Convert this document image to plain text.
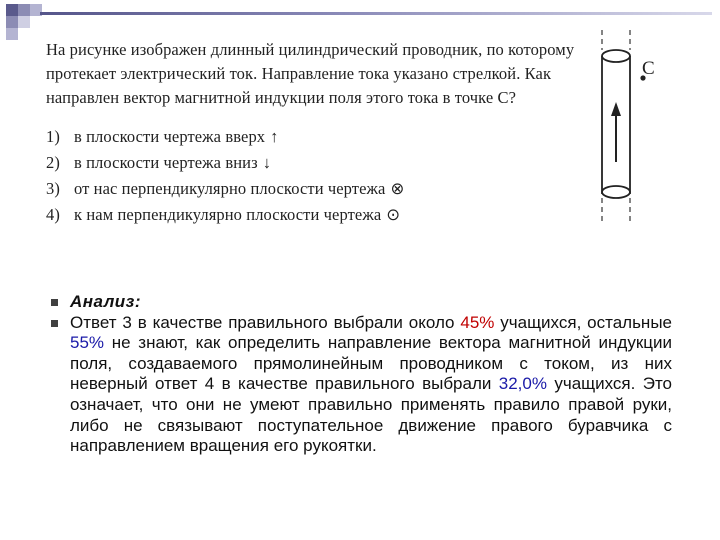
На рисунке изображен длинный цилиндрический проводник, по которому протекает электрический ток. Направление тока указано стрелкой. Как направлен вектор магнитной индукции поля этого тока в точке С?

1) в плоскости чертежа вверх ↑
2) в плоскости чертежа вниз ↓
3) от нас перпендикулярно плоскости чертежа ⊗
4) к нам перпендикулярно плоскости чертежа ⊙
С
Анализ:
Ответ 3 в качестве правильного выбрали около 45% учащихся, остальные 55% не знают, как определить направление вектора магнитной индукции поля, создаваемого прямолинейным проводником с током, из них неверный ответ 4 в качестве правильного выбрали 32,0% учащихся. Это означает, что они не умеют правильно применять правило правой руки, либо не связывают поступательное движение правого буравчика с направлением вращения его рукоятки.
